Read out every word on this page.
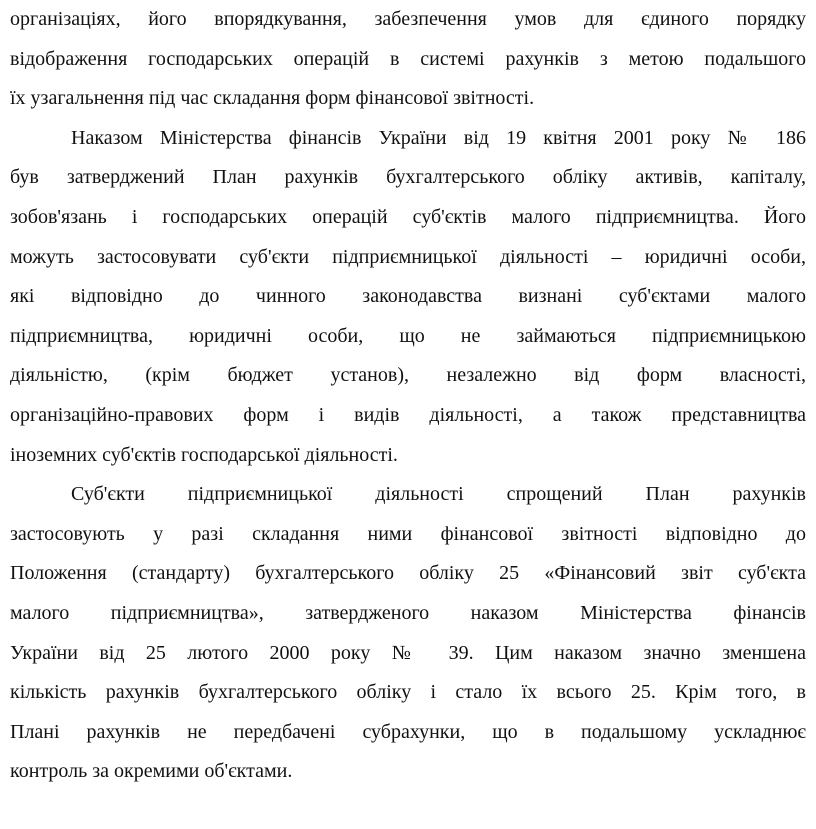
організаціях, його впорядкування, забезпечення умов для єдиного порядку
відображення господарських операцій в системі рахунків з метою подальшого
їх узагальнення під час складання форм фінансової звітності.
Наказом Міністерства фінансів України від 19 квітня 2001 року № 186
був затверджений План рахунків бухгалтерського обліку активів, капіталу,
зобов'язань і господарських операцій суб'єктів малого підприємництва. Його
можуть застосовувати суб'єкти підприємницької діяльності – юридичні особи,
які відповідно до чинного законодавства визнані суб'єктами малого
підприємництва, юридичні особи, що не займаються підприємницькою
діяльністю, (крім бюджет установ), незалежно від форм власності,
організаційно-правових форм і видів діяльності, а також представництва
іноземних суб'єктів господарської діяльності.
Суб'єкти підприємницької діяльності спрощений План рахунків
застосовують у разі складання ними фінансової звітності відповідно до
Положення (стандарту) бухгалтерського обліку 25 «Фінансовий звіт суб'єкта
малого підприємництва», затвердженого наказом Міністерства фінансів
України від 25 лютого 2000 року № 39. Цим наказом значно зменшена
кількість рахунків бухгалтерського обліку і стало їх всього 25. Крім того, в
Плані рахунків не передбачені субрахунки, що в подальшому ускладнює
контроль за окремими об'єктами.
